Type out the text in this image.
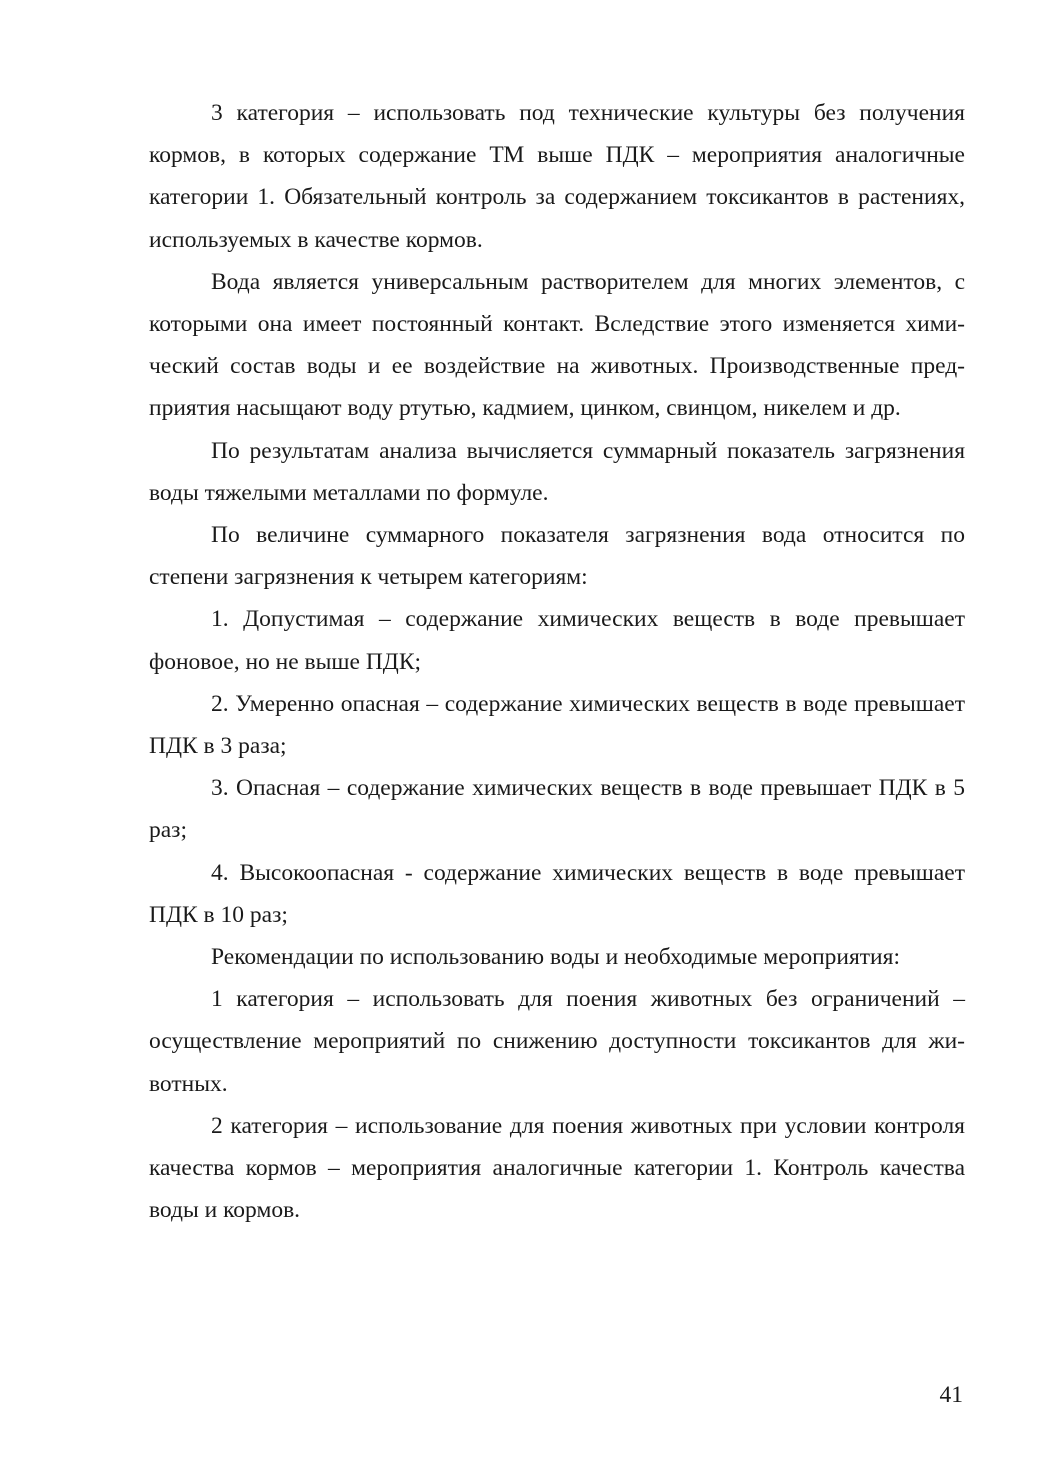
3 категория – использовать под технические культуры без получения кормов, в которых содержание ТМ выше ПДК – мероприятия аналогичные категории 1. Обязательный контроль за содержанием токсикантов в растениях, используемых в качестве кормов.

Вода является универсальным растворителем для многих элементов, с которыми она имеет постоянный контакт. Вследствие этого изменяется химический состав воды и ее воздействие на животных. Производственные предприятия насыщают воду ртутью, кадмием, цинком, свинцом, никелем и др.

По результатам анализа вычисляется суммарный показатель загрязнения воды тяжелыми металлами по формуле.

По величине суммарного показателя загрязнения вода относится по степени загрязнения к четырем категориям:

1. Допустимая – содержание химических веществ в воде превышает фоновое, но не выше ПДК;

2. Умеренно опасная – содержание химических веществ в воде превышает ПДК в 3 раза;

3. Опасная – содержание химических веществ в воде превышает ПДК в 5 раз;

4. Высокоопасная - содержание химических веществ в воде превышает ПДК в 10 раз;

Рекомендации по использованию воды и необходимые мероприятия:

1 категория – использовать для поения животных без ограничений – осуществление мероприятий по снижению доступности токсикантов для животных.

2 категория – использование для поения животных при условии контроля качества кормов – мероприятия аналогичные категории 1. Контроль качества воды и кормов.

41
